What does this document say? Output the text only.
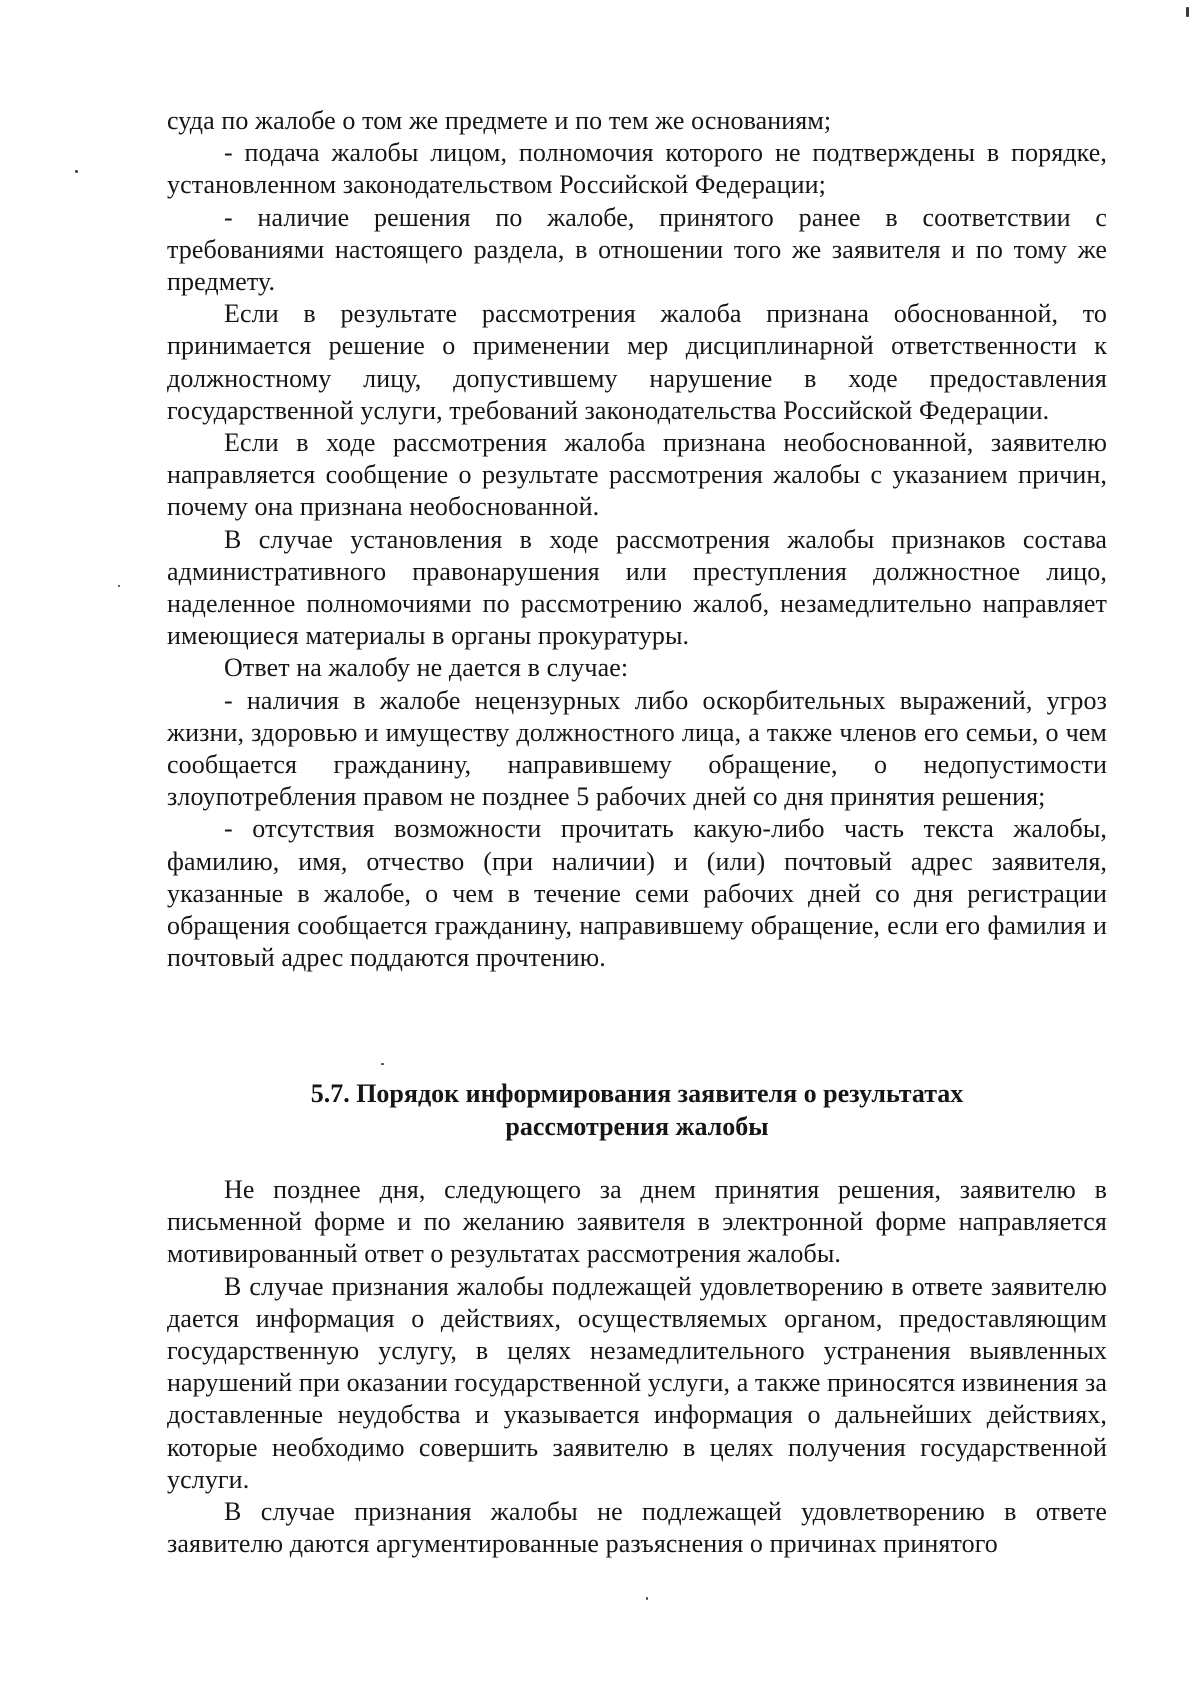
суда по жалобе о том же предмете и по тем же основаниям;

- подача жалобы лицом, полномочия которого не подтверждены в порядке, установленном законодательством Российской Федерации;

- наличие решения по жалобе, принятого ранее в соответствии с требованиями настоящего раздела, в отношении того же заявителя и по тому же предмету.

Если в результате рассмотрения жалоба признана обоснованной, то принимается решение о применении мер дисциплинарной ответственности к должностному лицу, допустившему нарушение в ходе предоставления государственной услуги, требований законодательства Российской Федерации.

Если в ходе рассмотрения жалоба признана необоснованной, заявителю направляется сообщение о результате рассмотрения жалобы с указанием причин, почему она признана необоснованной.

В случае установления в ходе рассмотрения жалобы признаков состава административного правонарушения или преступления должностное лицо, наделенное полномочиями по рассмотрению жалоб, незамедлительно направляет имеющиеся материалы в органы прокуратуры.

Ответ на жалобу не дается в случае:

- наличия в жалобе нецензурных либо оскорбительных выражений, угроз жизни, здоровью и имуществу должностного лица, а также членов его семьи, о чем сообщается гражданину, направившему обращение, о недопустимости злоупотребления правом не позднее 5 рабочих дней со дня принятия решения;

- отсутствия возможности прочитать какую-либо часть текста жалобы, фамилию, имя, отчество (при наличии) и (или) почтовый адрес заявителя, указанные в жалобе, о чем в течение семи рабочих дней со дня регистрации обращения сообщается гражданину, направившему обращение, если его фамилия и почтовый адрес поддаются прочтению.

5.7. Порядок информирования заявителя о результатах
рассмотрения жалобы

Не позднее дня, следующего за днем принятия решения, заявителю в письменной форме и по желанию заявителя в электронной форме направляется мотивированный ответ о результатах рассмотрения жалобы.

В случае признания жалобы подлежащей удовлетворению в ответе заявителю дается информация о действиях, осуществляемых органом, предоставляющим государственную услугу, в целях незамедлительного устранения выявленных нарушений при оказании государственной услуги, а также приносятся извинения за доставленные неудобства и указывается информация о дальнейших действиях, которые необходимо совершить заявителю в целях получения государственной услуги.

В случае признания жалобы не подлежащей удовлетворению в ответе заявителю даются аргументированные разъяснения о причинах принятого
